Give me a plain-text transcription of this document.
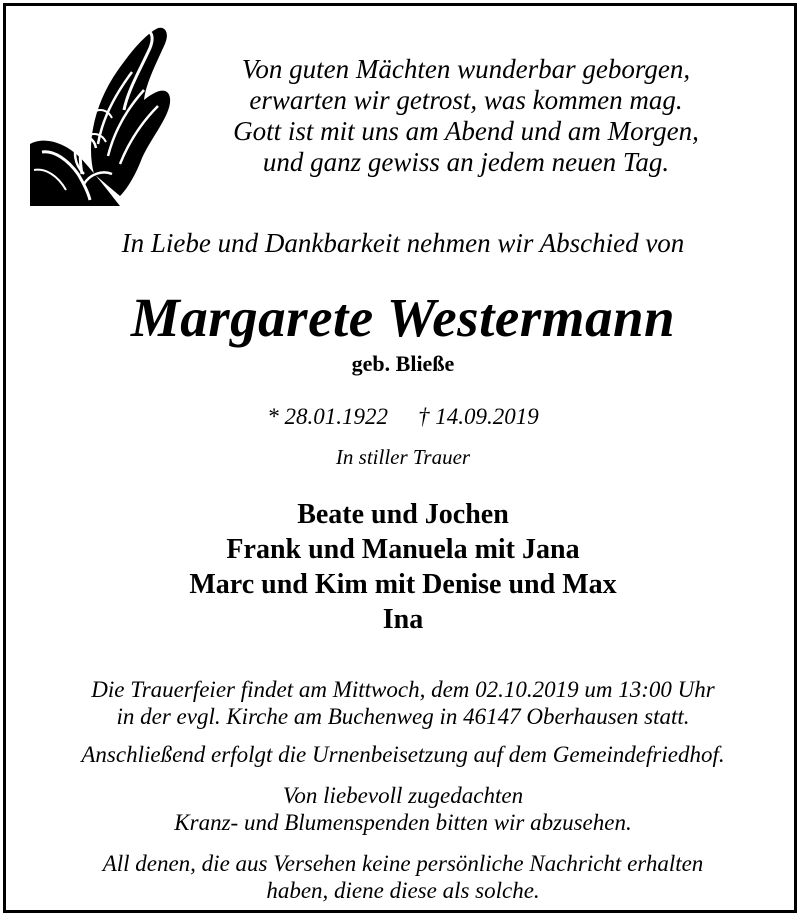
Von guten Mächten wunderbar geborgen,
erwarten wir getrost, was kommen mag.
Gott ist mit uns am Abend und am Morgen,
und ganz gewiss an jedem neuen Tag.
In Liebe und Dankbarkeit nehmen wir Abschied von
Margarete Westermann
geb. Bließe
* 28.01.1922 † 14.09.2019
In stiller Trauer
Beate und Jochen
Frank und Manuela mit Jana
Marc und Kim mit Denise und Max
Ina
Die Trauerfeier findet am Mittwoch, dem 02.10.2019 um 13:00 Uhr
in der evgl. Kirche am Buchenweg in 46147 Oberhausen statt.
Anschließend erfolgt die Urnenbeisetzung auf dem Gemeindefriedhof.
Von liebevoll zugedachten
Kranz- und Blumenspenden bitten wir abzusehen.
All denen, die aus Versehen keine persönliche Nachricht erhalten
haben, diene diese als solche.
